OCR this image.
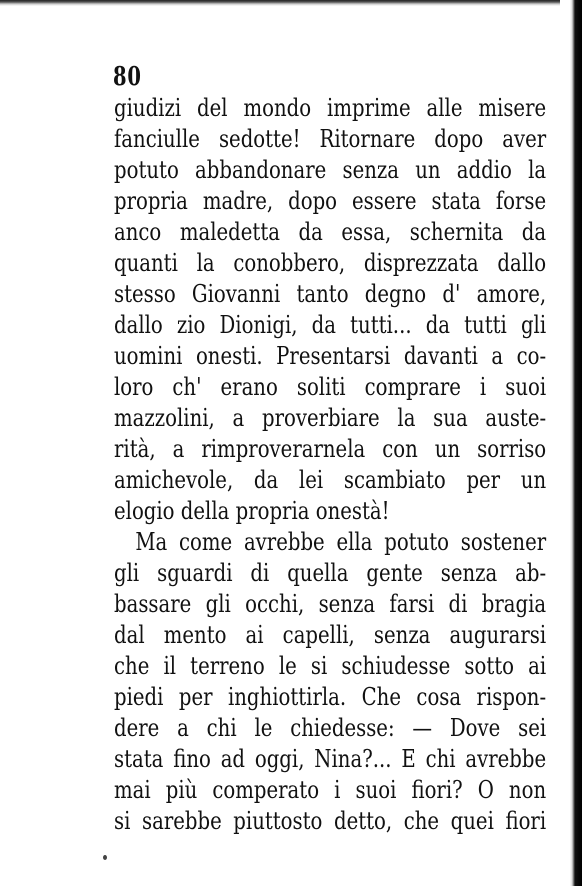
80
giudizi del mondo imprime alle misere
fanciulle sedotte! Ritornare dopo aver
potuto abbandonare senza un addio la
propria madre, dopo essere stata forse
anco maledetta da essa, schernita da
quanti la conobbero, disprezzata dallo
stesso Giovanni tanto degno d' amore,
dallo zio Dionigi, da tutti... da tutti gli
uomini onesti. Presentarsi davanti a co-
loro ch' erano soliti comprare i suoi
mazzolini, a proverbiare la sua auste-
rità, a rimproverarnela con un sorriso
amichevole, da lei scambiato per un
elogio della propria onestà!
Ma come avrebbe ella potuto sostener
gli sguardi di quella gente senza ab-
bassare gli occhi, senza farsi di bragia
dal mento ai capelli, senza augurarsi
che il terreno le si schiudesse sotto ai
piedi per inghiottirla. Che cosa rispon-
dere a chi le chiedesse: — Dove sei
stata fino ad oggi, Nina?... E chi avrebbe
mai più comperato i suoi fiori? O non
si sarebbe piuttosto detto, che quei fiori
